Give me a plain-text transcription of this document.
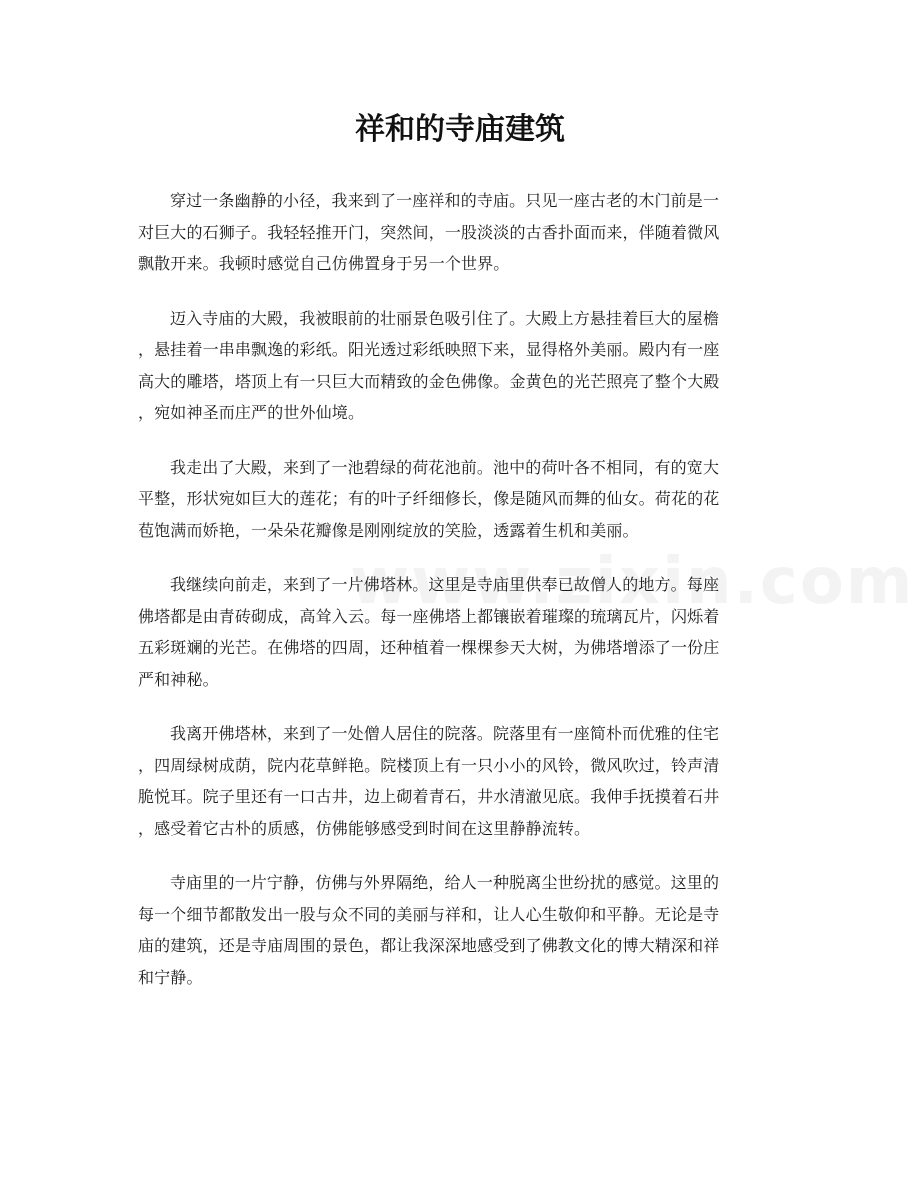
祥和的寺庙建筑
穿过一条幽静的小径，我来到了一座祥和的寺庙。只见一座古老的木门前是一
对巨大的石狮子。我轻轻推开门，突然间，一股淡淡的古香扑面而来，伴随着微风
飘散开来。我顿时感觉自己仿佛置身于另一个世界。
迈入寺庙的大殿，我被眼前的壮丽景色吸引住了。大殿上方悬挂着巨大的屋檐
，悬挂着一串串飘逸的彩纸。阳光透过彩纸映照下来，显得格外美丽。殿内有一座
高大的雕塔，塔顶上有一只巨大而精致的金色佛像。金黄色的光芒照亮了整个大殿
，宛如神圣而庄严的世外仙境。
我走出了大殿，来到了一池碧绿的荷花池前。池中的荷叶各不相同，有的宽大
平整，形状宛如巨大的莲花；有的叶子纤细修长，像是随风而舞的仙女。荷花的花
苞饱满而娇艳，一朵朵花瓣像是刚刚绽放的笑脸，透露着生机和美丽。
我继续向前走，来到了一片佛塔林。这里是寺庙里供奉已故僧人的地方。每座
佛塔都是由青砖砌成，高耸入云。每一座佛塔上都镶嵌着璀璨的琉璃瓦片，闪烁着
五彩斑斓的光芒。在佛塔的四周，还种植着一棵棵参天大树，为佛塔增添了一份庄
严和神秘。
我离开佛塔林，来到了一处僧人居住的院落。院落里有一座简朴而优雅的住宅
，四周绿树成荫，院内花草鲜艳。院楼顶上有一只小小的风铃，微风吹过，铃声清
脆悦耳。院子里还有一口古井，边上砌着青石，井水清澈见底。我伸手抚摸着石井
，感受着它古朴的质感，仿佛能够感受到时间在这里静静流转。
寺庙里的一片宁静，仿佛与外界隔绝，给人一种脱离尘世纷扰的感觉。这里的
每一个细节都散发出一股与众不同的美丽与祥和，让人心生敬仰和平静。无论是寺
庙的建筑，还是寺庙周围的景色，都让我深深地感受到了佛教文化的博大精深和祥
和宁静。
